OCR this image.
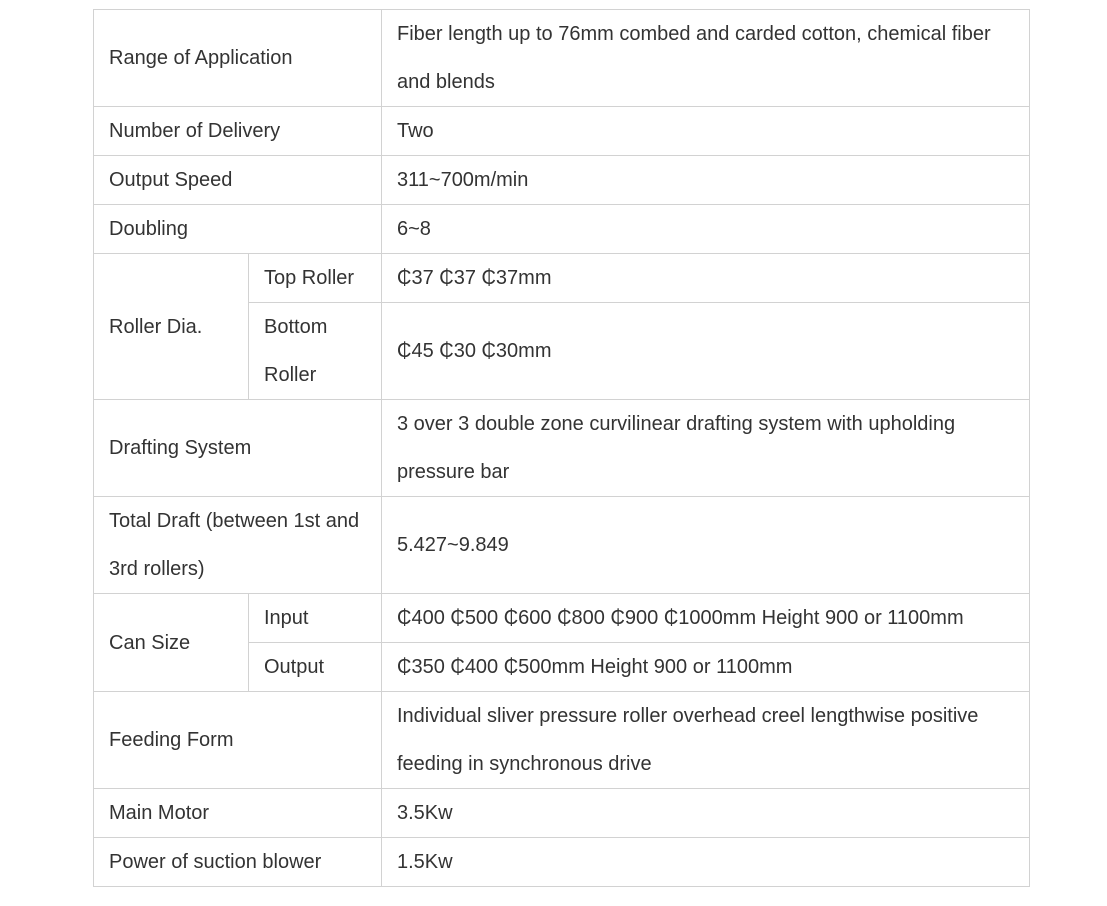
Range of Application		Fiber length up to 76mm combed and carded cotton, chemical fiber and blends
Number of Delivery		Two
Output Speed		311~700m/min
Doubling		6~8
Roller Dia.	Top Roller	₵37 ₵37 ₵37mm
	Bottom Roller	₵45 ₵30 ₵30mm
Drafting System		3 over 3 double zone curvilinear drafting system with upholding pressure bar
Total Draft (between 1st and 3rd rollers)		5.427~9.849
Can Size	Input	₵400 ₵500 ₵600 ₵800 ₵900 ₵1000mm Height 900 or 1100mm
	Output	₵350 ₵400 ₵500mm Height 900 or 1100mm
Feeding Form		Individual sliver pressure roller overhead creel lengthwise positive feeding in synchronous drive
Main Motor		3.5Kw
Power of suction blower		1.5Kw
